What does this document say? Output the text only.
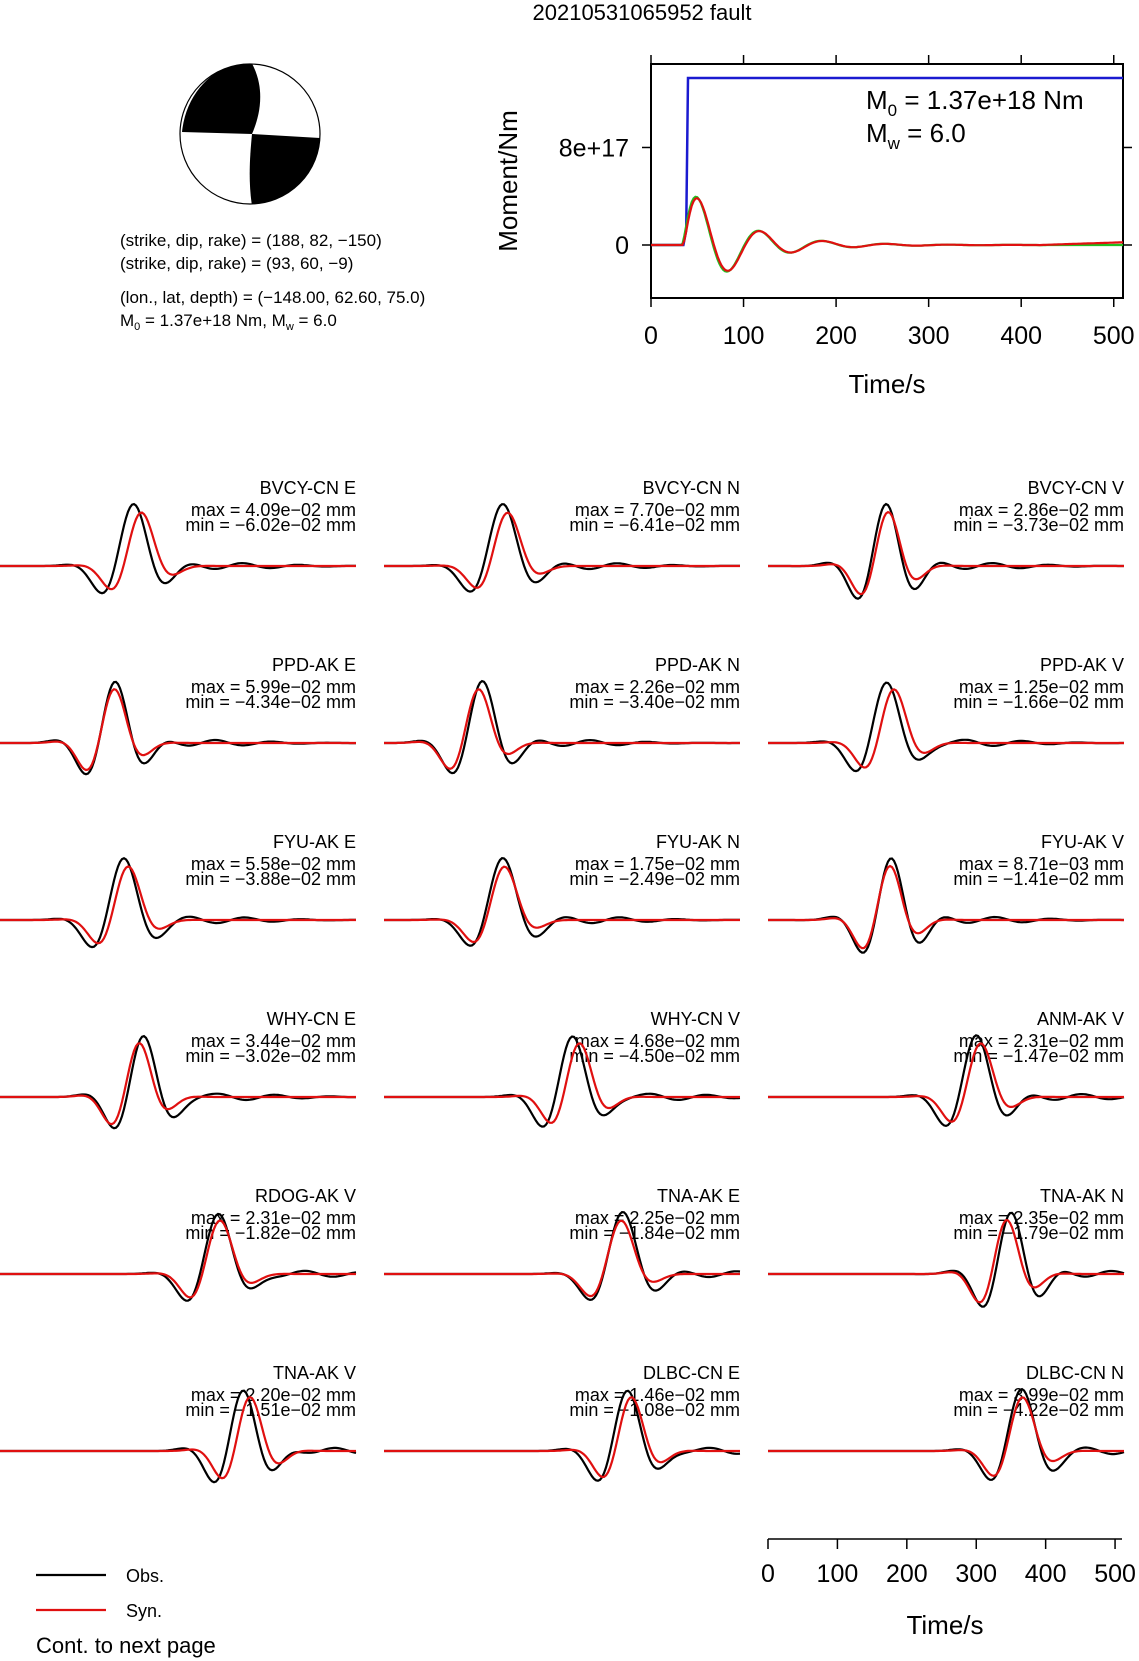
20210531065952 fault
(strike, dip, rake) = (188, 82, −150)
(strike, dip, rake) = (93, 60, −9)
(lon., lat, depth) = (−148.00, 62.60, 75.0)
$M_0 = 1.37e+18$ Nm, $M_w = 6.0$
0	100 200 300 400 500
8e+17
0
$M_0 = 1.37e+18$ Nm
$M_w = 6.0$
Moment/Nm
Time/s
BVCY-CN E
max = 4.09e−02 mm
min = −6.02e−02 mm
BVCY-CN N
max = 7.70e−02 mm
min = −6.41e−02 mm
BVCY-CN V
max = 2.86e−02 mm
min = −3.73e−02 mm
PPD-AK E
max = 5.99e−02 mm
min = −4.34e−02 mm
PPD-AK N
max = 2.26e−02 mm
min = −3.40e−02 mm
PPD-AK V
max = 1.25e−02 mm
min = −1.66e−02 mm
FYU-AK E
max = 5.58e−02 mm
min = −3.88e−02 mm
FYU-AK N
max = 1.75e−02 mm
min = −2.49e−02 mm
FYU-AK V
max = 8.71e−03 mm
min = −1.41e−02 mm
WHY-CN E
max = 3.44e−02 mm
min = −3.02e−02 mm
WHY-CN V
max = 4.68e−02 mm
min = −4.50e−02 mm
ANM-AK V
max = 2.31e−02 mm
min = −1.47e−02 mm
RDOG-AK V
max = 2.31e−02 mm
min = −1.82e−02 mm
TNA-AK E
max = 2.25e−02 mm
min = −1.84e−02 mm
TNA-AK N
max = 2.35e−02 mm
min = −1.79e−02 mm
TNA-AK V
max = 2.20e−02 mm
min = −1.51e−02 mm
DLBC-CN E
max = 1.46e−02 mm
min = −1.08e−02 mm
DLBC-CN N
max = 3.99e−02 mm
min = −4.22e−02 mm
Time/s
0 100 200 300 400 500
Obs.
Syn.
Cont. to next page
